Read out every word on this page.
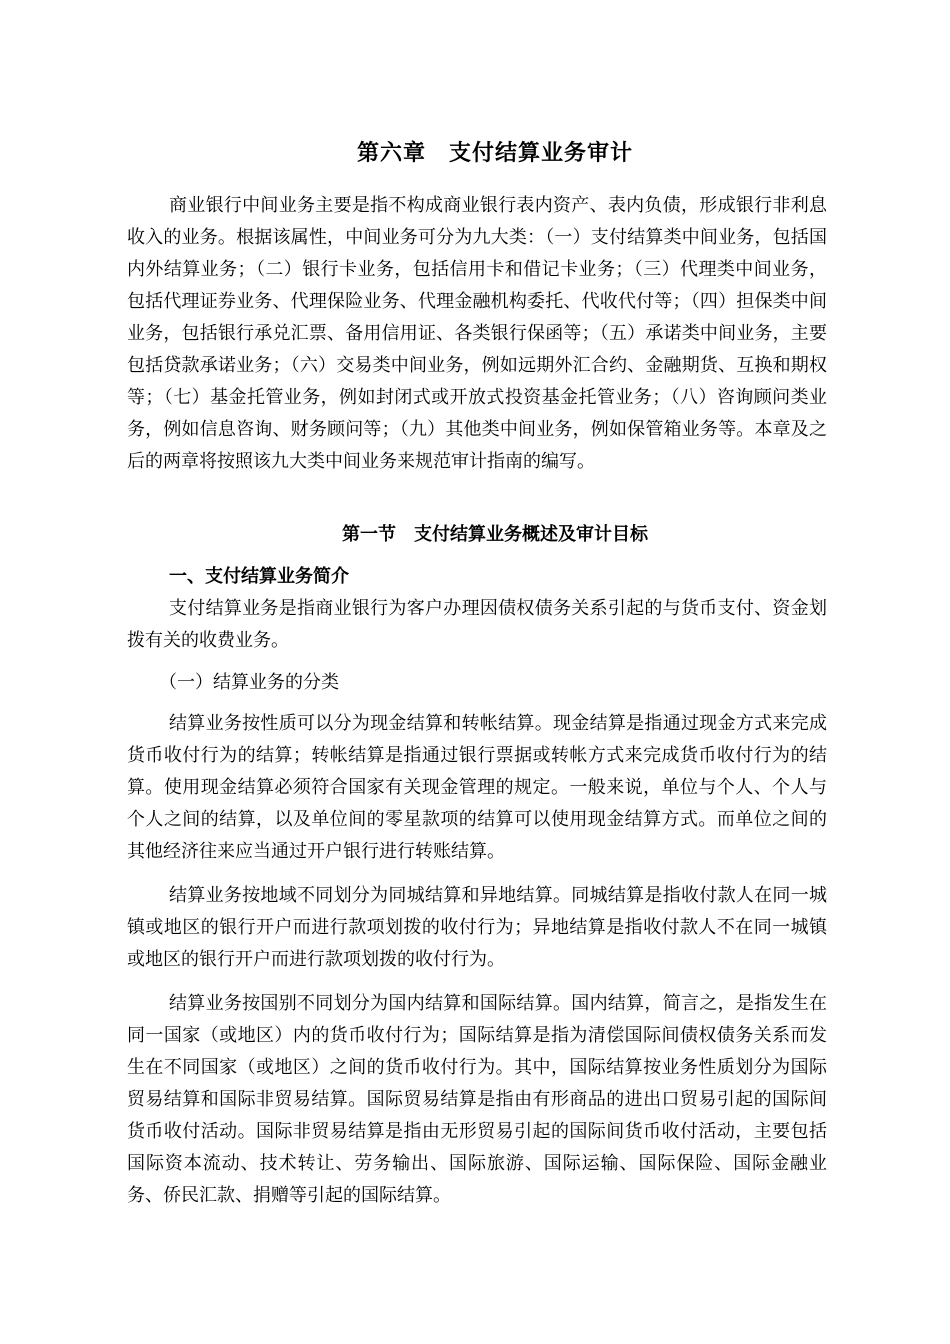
第六章　支付结算业务审计

商业银行中间业务主要是指不构成商业银行表内资产、表内负债，形成银行非利息收入的业务。根据该属性，中间业务可分为九大类：（一）支付结算类中间业务，包括国内外结算业务；（二）银行卡业务，包括信用卡和借记卡业务；（三）代理类中间业务，包括代理证券业务、代理保险业务、代理金融机构委托、代收代付等；（四）担保类中间业务，包括银行承兑汇票、备用信用证、各类银行保函等；（五）承诺类中间业务，主要包括贷款承诺业务；（六）交易类中间业务，例如远期外汇合约、金融期货、互换和期权等；（七）基金托管业务，例如封闭式或开放式投资基金托管业务；（八）咨询顾问类业务，例如信息咨询、财务顾问等；（九）其他类中间业务，例如保管箱业务等。本章及之后的两章将按照该九大类中间业务来规范审计指南的编写。

第一节　支付结算业务概述及审计目标
一、支付结算业务简介

支付结算业务是指商业银行为客户办理因债权债务关系引起的与货币支付、资金划拨有关的收费业务。

（一）结算业务的分类

结算业务按性质可以分为现金结算和转帐结算。现金结算是指通过现金方式来完成货币收付行为的结算；转帐结算是指通过银行票据或转帐方式来完成货币收付行为的结算。使用现金结算必须符合国家有关现金管理的规定。一般来说，单位与个人、个人与个人之间的结算，以及单位间的零星款项的结算可以使用现金结算方式。而单位之间的其他经济往来应当通过开户银行进行转账结算。

结算业务按地域不同划分为同城结算和异地结算。同城结算是指收付款人在同一城镇或地区的银行开户而进行款项划拨的收付行为；异地结算是指收付款人不在同一城镇或地区的银行开户而进行款项划拨的收付行为。

结算业务按国别不同划分为国内结算和国际结算。国内结算，简言之，是指发生在同一国家（或地区）内的货币收付行为；国际结算是指为清偿国际间债权债务关系而发生在不同国家（或地区）之间的货币收付行为。其中，国际结算按业务性质划分为国际贸易结算和国际非贸易结算。国际贸易结算是指由有形商品的进出口贸易引起的国际间货币收付活动。国际非贸易结算是指由无形贸易引起的国际间货币收付活动，主要包括国际资本流动、技术转让、劳务输出、国际旅游、国际运输、国际保险、国际金融业务、侨民汇款、捐赠等引起的国际结算。
